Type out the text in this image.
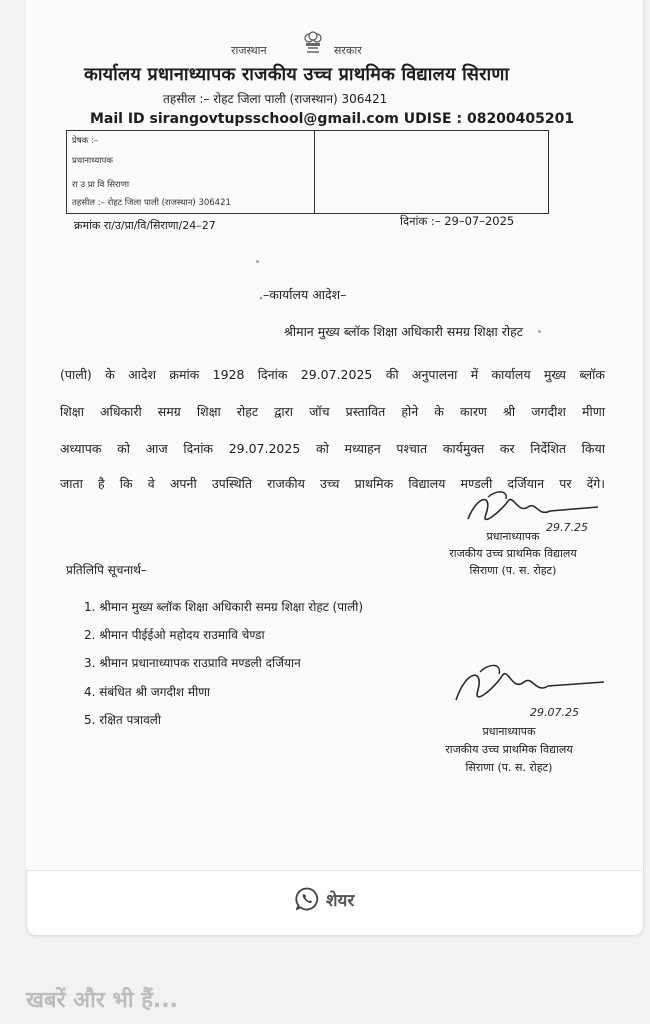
राजस्थान	सरकार
कार्यालय प्रधानाध्यापक राजकीय उच्च प्राथमिक विद्यालय सिराणा
तहसील :– रोहट जिला पाली (राजस्थान) 306421
Mail ID sirangovtupsschool@gmail.com UDISE : 08200405201
प्रेषक :–
प्रधानाध्यापक
रा उ प्रा वि सिराणा
तहसील :– रोहट जिला पाली (राजस्थान) 306421
क्रमांक रा/उ/प्रा/वि/सिराणा/24–27	दिनांक :– 29–07–2025
.–कार्यालय आदेश–
श्रीमान मुख्य ब्लॉक शिक्षा अधिकारी समग्र शिक्षा रोहट
(पाली) के आदेश क्रमांक 1928 दिनांक 29.07.2025 की अनुपालना में कार्यालय मुख्य ब्लॉक
शिक्षा अधिकारी समग्र शिक्षा रोहट द्वारा जॉच प्रस्तावित होने के कारण श्री जगदीश मीणा
अध्यापक को आज दिनांक 29.07.2025 को मध्याहन पश्चात कार्यमुक्त कर निर्देशित किया
जाता है कि वे अपनी उपस्थिति राजकीय उच्च प्राथमिक विद्यालय मण्डली दर्जियान पर देंगे।
29.7.25
प्रधानाध्यापक
राजकीय उच्च प्राथमिक विद्यालय
सिराणा (प. स. रोहट)
प्रतिलिपि सूचनार्थ–
1. श्रीमान मुख्य ब्लॉक शिक्षा अधिकारी समग्र शिक्षा रोहट (पाली)
2. श्रीमान पीईईओ महोदय राउमावि चेण्डा
3. श्रीमान प्रधानाध्यापक राउप्रावि मण्डली दर्जियान
4. संबंधित श्री जगदीश मीणा
5. रक्षित पत्रावली
29.07.25
प्रधानाध्यापक
राजकीय उच्च प्राथमिक विद्यालय
सिराणा (प. स. रोहट)
शेयर
खबरें और भी हैं...
